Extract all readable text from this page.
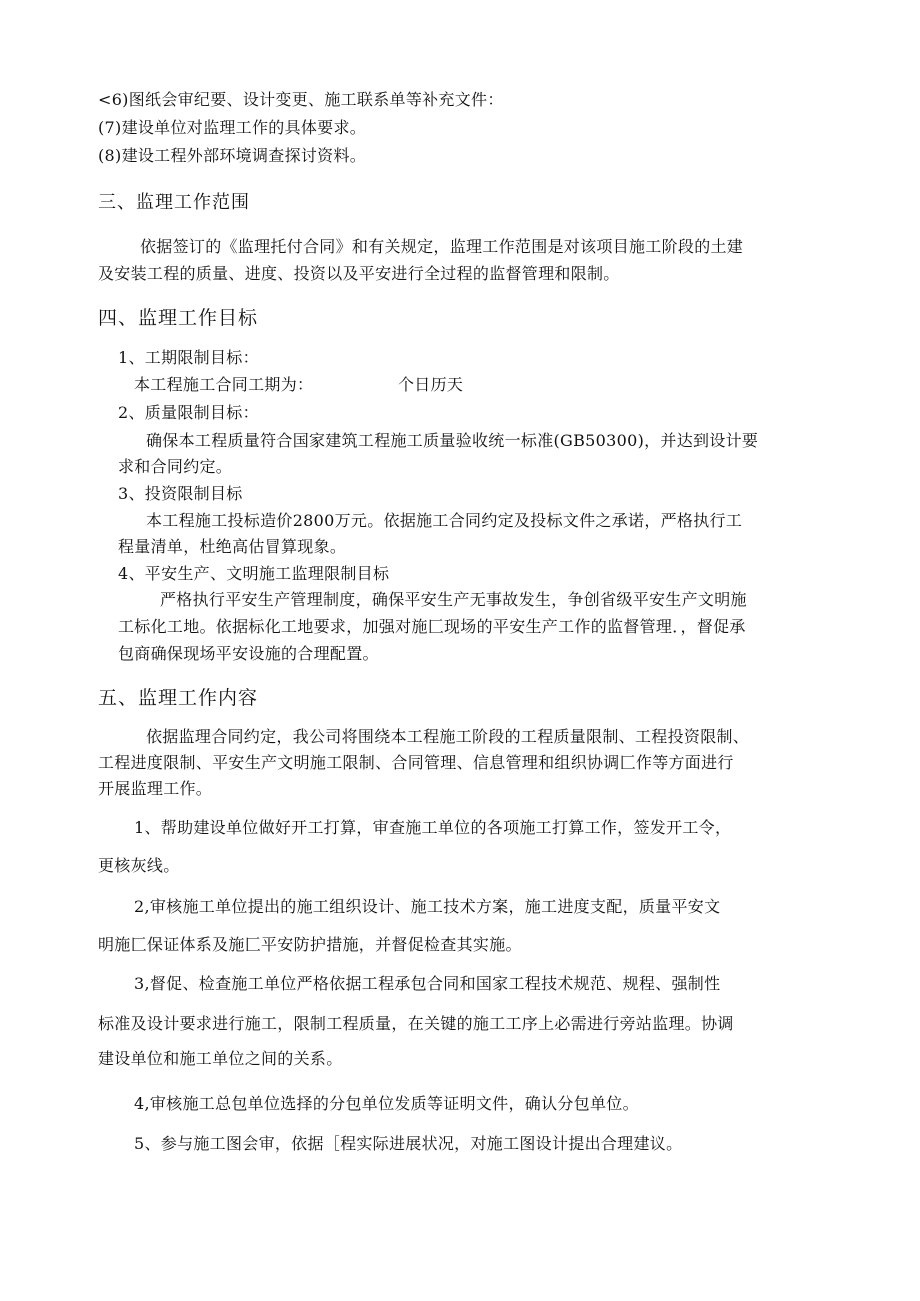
<6)图纸会审纪要、设计变更、施工联系单等补充文件：
(7)建设单位对监理工作的具体要求。
(8)建设工程外部环境调查探讨资料。
三、监理工作范围
依据签订的《监理托付合同》和有关规定，监理工作范围是对该项目施工阶段的土建
及安装工程的质量、进度、投资以及平安进行全过程的监督管理和限制。
四、监理工作目标
1、工期限制目标：
本工程施工合同工期为：	个日历天
2、质量限制目标：
确保本工程质量符合国家建筑工程施工质量验收统一标准(GB50300)，并达到设计要
求和合同约定。
3、投资限制目标
本工程施工投标造价2800万元。依据施工合同约定及投标文件之承诺，严格执行工
程量清单，杜绝高估冒算现象。
4、平安生产、文明施工监理限制目标
严格执行平安生产管理制度，确保平安生产无事故发生，争创省级平安生产文明施
工标化工地。依据标化工地要求，加强对施匚现场的平安生产工作的监督管理．，督促承
包商确保现场平安设施的合理配置。
五、监理工作内容
依据监理合同约定，我公司将围绕本工程施工阶段的工程质量限制、工程投资限制、
工程进度限制、平安生产文明施工限制、合同管理、信息管理和组织协调匚作等方面进行
开展监理工作。
1、帮助建设单位做好开工打算，审查施工单位的各项施工打算工作，签发开工令，
更核灰线。
2,审核施工单位提出的施工组织设计、施工技术方案，施工进度支配，质量平安文
明施匚保证体系及施匚平安防护措施，并督促检查其实施。
3,督促、检查施工单位严格依据工程承包合同和国家工程技术规范、规程、强制性
标准及设计要求进行施工，限制工程质量，在关键的施工工序上必需进行旁站监理。协调
建设单位和施工单位之间的关系。
4,审核施工总包单位选择的分包单位发质等证明文件，确认分包单位。
5、参与施工图会审，依据［程实际进展状况，对施工图设计提出合理建议。
